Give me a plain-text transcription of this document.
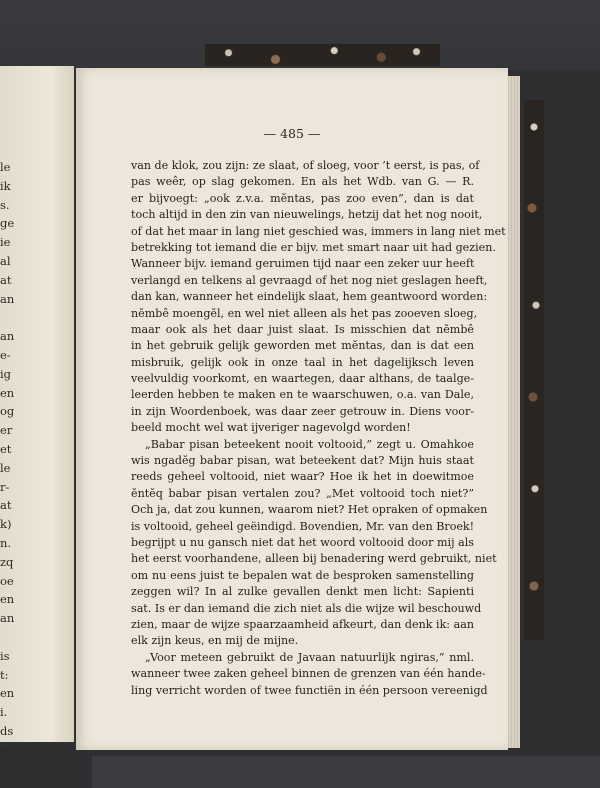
le
ik
s.
ge
ie
al
at
an
an
e-
ig
en
og
er
et
le
r-
at
k)
n.
zq
oe
en
an
is
t:
en
i.
ds
w
ël,
— 485 —
van de klok, zou zijn: ze slaat, of sloeg, voor ’t eerst, is pas, of
pas weêr, op slag gekomen. En als het Wdb. van G. — R.
er bijvoegt: „ook z.v.a. mĕntas, pas zoo even”, dan is dat
toch altijd in den zin van nieuwelings, hetzij dat het nog nooit,
of dat het maar in lang niet geschied was, immers in lang niet met
betrekking tot iemand die er bijv. met smart naar uit had gezien.
Wanneer bijv. iemand geruimen tijd naar een zeker uur heeft
verlangd en telkens al gevraagd of het nog niet geslagen heeft,
dan kan, wanneer het eindelijk slaat, hem geantwoord worden:
nĕmbê moengĕl, en wel niet alleen als het pas zooeven sloeg,
maar ook als het daar juist slaat. Is misschien dat nĕmbê
in het gebruik gelijk geworden met mĕntas, dan is dat een
misbruik, gelijk ook in onze taal in het dagelijksch leven
veelvuldig voorkomt, en waartegen, daar althans, de taalge-
leerden hebben te maken en te waarschuwen, o.a. van Dale,
in zijn Woordenboek, was daar zeer getrouw in. Diens voor-
beeld mocht wel wat ijveriger nagevolgd worden!
„Babar pisan beteekent nooit voltooid,” zegt u. Omahkoe
wis ngadĕg babar pisan, wat beteekent dat? Mijn huis staat
reeds geheel voltooid, niet waar? Hoe ik het in doewitmoe
ĕntĕq babar pisan vertalen zou? „Met voltooid toch niet?”
Och ja, dat zou kunnen, waarom niet? Het opraken of opmaken
is voltooid, geheel geëindigd. Bovendien, Mr. van den Broek!
begrijpt u nu gansch niet dat het woord voltooid door mij als
het eerst voorhandene, alleen bij benadering werd gebruikt, niet
om nu eens juist te bepalen wat de besproken samenstelling
zeggen wil? In al zulke gevallen denkt men licht: Sapienti
sat. Is er dan iemand die zich niet als die wijze wil beschouwd
zien, maar de wijze spaarzaamheid afkeurt, dan denk ik: aan
elk zijn keus, en mij de mijne.
„Voor meteen gebruikt de Javaan natuurlijk ngiras,” nml.
wanneer twee zaken geheel binnen de grenzen van één hande-
ling verricht worden of twee functiën in één persoon vereenigd
